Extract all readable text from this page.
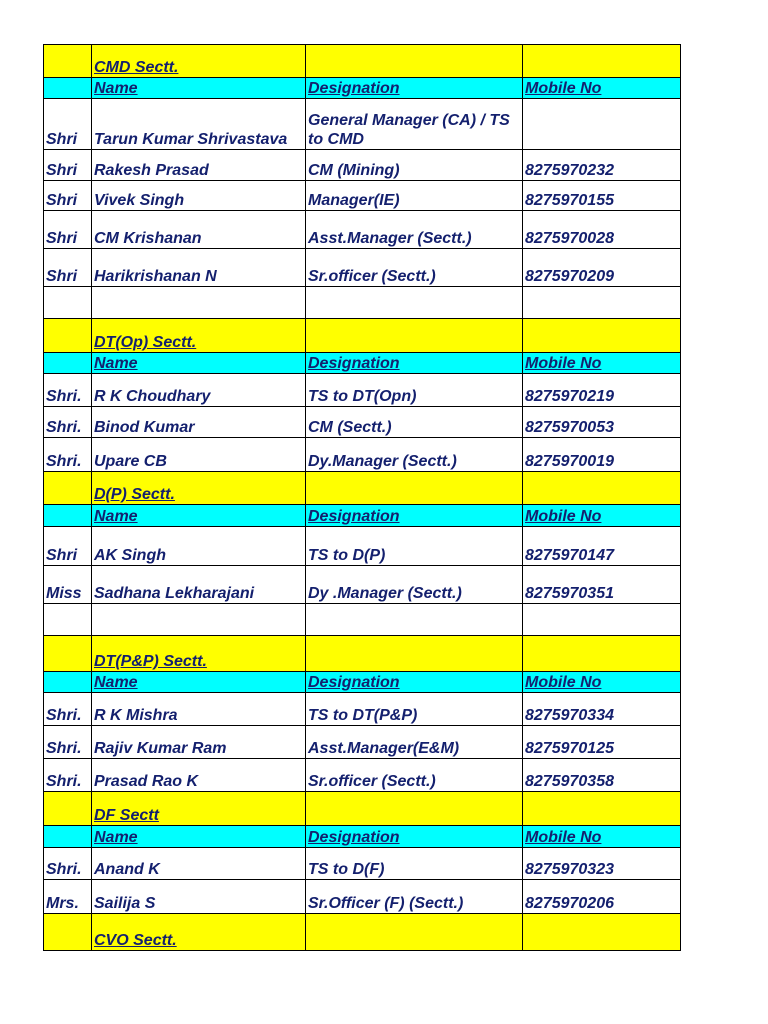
	CMD Sectt.		
	Name	Designation	Mobile No
Shri	Tarun Kumar Shrivastava	General Manager (CA) / TS to CMD	
Shri	Rakesh Prasad	CM (Mining)	8275970232
Shri	Vivek Singh	Manager(IE)	8275970155
Shri	CM Krishanan	Asst.Manager (Sectt.)	8275970028
Shri	Harikrishanan N	Sr.officer (Sectt.)	8275970209

	DT(Op) Sectt.		
	Name	Designation	Mobile No
Shri.	R K Choudhary	TS to DT(Opn)	8275970219
Shri.	Binod Kumar	CM (Sectt.)	8275970053
Shri.	Upare CB	Dy.Manager (Sectt.)	8275970019
	D(P) Sectt.		
	Name	Designation	Mobile No
Shri	AK Singh	TS to D(P)	8275970147
Miss	Sadhana Lekharajani	Dy .Manager (Sectt.)	8275970351

	DT(P&P) Sectt.		
	Name	Designation	Mobile No
Shri.	R K Mishra	TS to DT(P&P)	8275970334
Shri.	Rajiv Kumar Ram	Asst.Manager(E&M)	8275970125
Shri.	Prasad Rao K	Sr.officer (Sectt.)	8275970358
	DF Sectt		
	Name	Designation	Mobile No
Shri.	Anand K	TS to D(F)	8275970323
Mrs.	Sailija S	Sr.Officer (F) (Sectt.)	8275970206
	CVO Sectt.		
